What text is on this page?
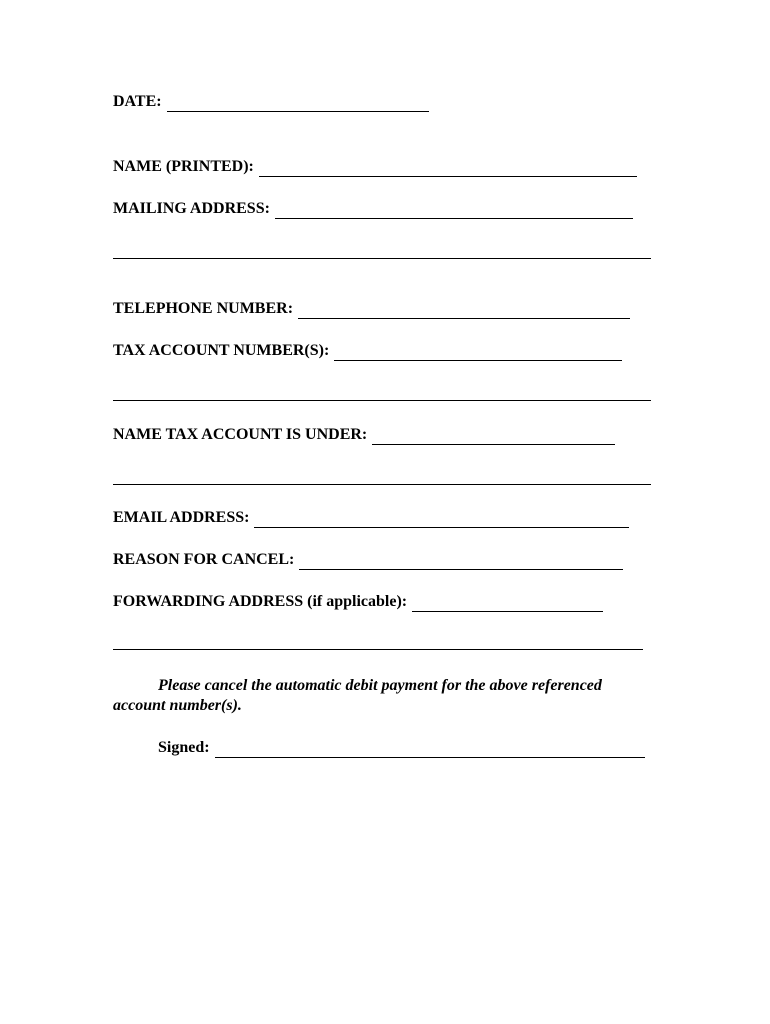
DATE:
NAME (PRINTED):
MAILING ADDRESS:
TELEPHONE NUMBER:
TAX ACCOUNT NUMBER(S):
NAME TAX ACCOUNT IS UNDER:
EMAIL ADDRESS:
REASON FOR CANCEL:
FORWARDING ADDRESS (if applicable):
Please cancel the automatic debit payment for the above referenced
account number(s).
Signed:
